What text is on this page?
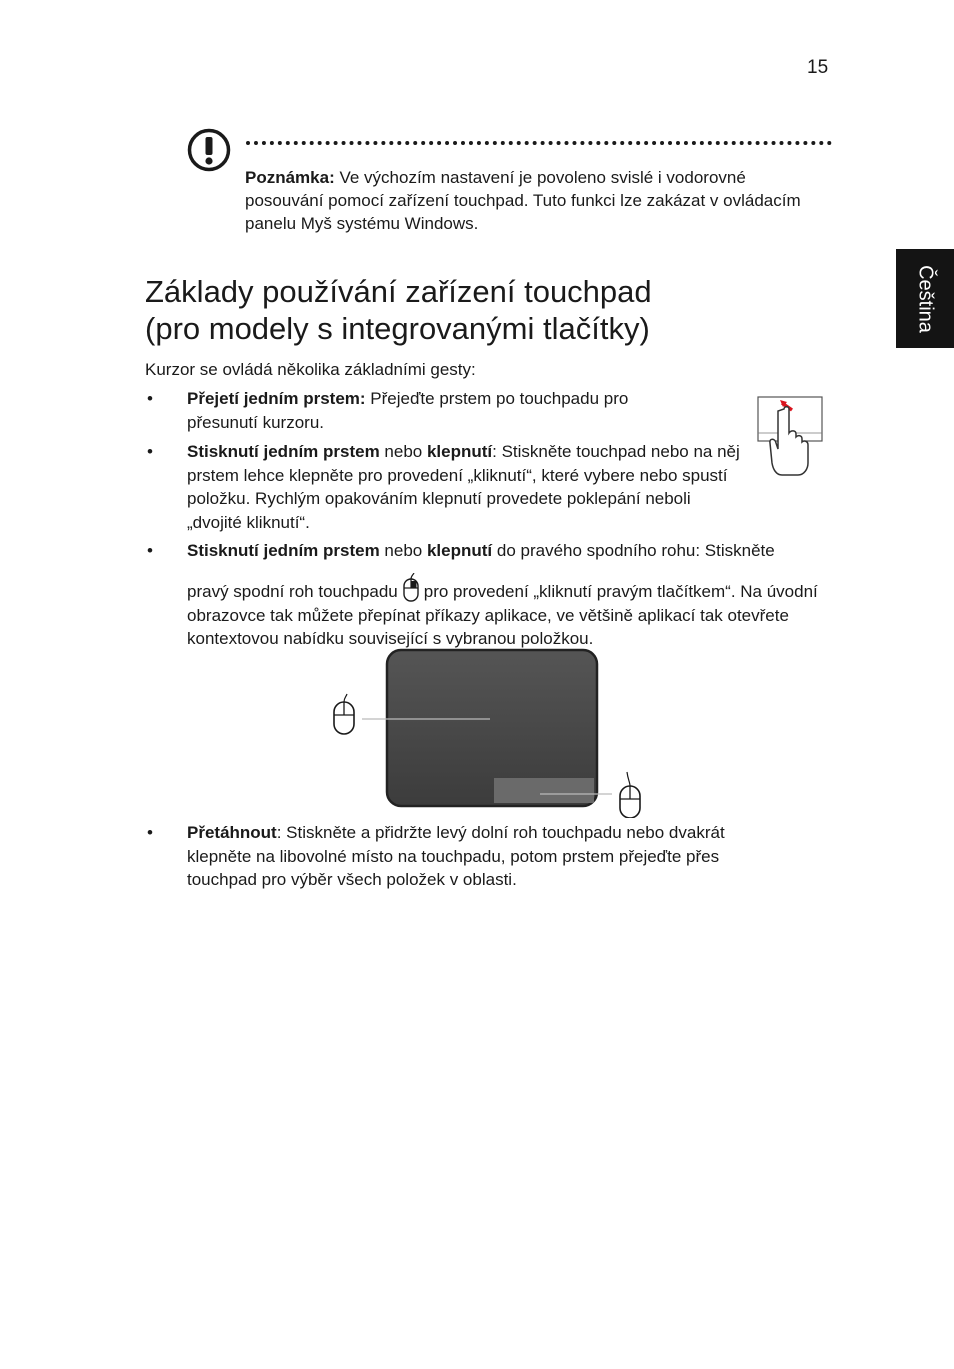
15
Čeština
Poznámka: Ve výchozím nastavení je povoleno svislé i vodorovné posouvání pomocí zařízení touchpad. Tuto funkci lze zakázat v ovládacím panelu Myš systému Windows.
Základy používání zařízení touchpad
(pro modely s integrovanými tlačítky)
Kurzor se ovládá několika základními gesty:
• Přejetí jedním prstem: Přejeďte prstem po touchpadu pro přesunutí kurzoru.
• Stisknutí jedním prstem nebo klepnutí: Stiskněte touchpad nebo na něj prstem lehce klepněte pro provedení „kliknutí“, které vybere nebo spustí položku. Rychlým opakováním klepnutí provedete poklepání neboli „dvojité kliknutí“.
• Stisknutí jedním prstem nebo klepnutí do pravého spodního rohu: Stiskněte
pravý spodní roh touchpadu pro provedení „kliknutí pravým tlačítkem“. Na úvodní obrazovce tak můžete přepínat příkazy aplikace, ve většině aplikací tak otevřete kontextovou nabídku související s vybranou položkou.
• Přetáhnout: Stiskněte a přidržte levý dolní roh touchpadu nebo dvakrát klepněte na libovolné místo na touchpadu, potom prstem přejeďte přes touchpad pro výběr všech položek v oblasti.
